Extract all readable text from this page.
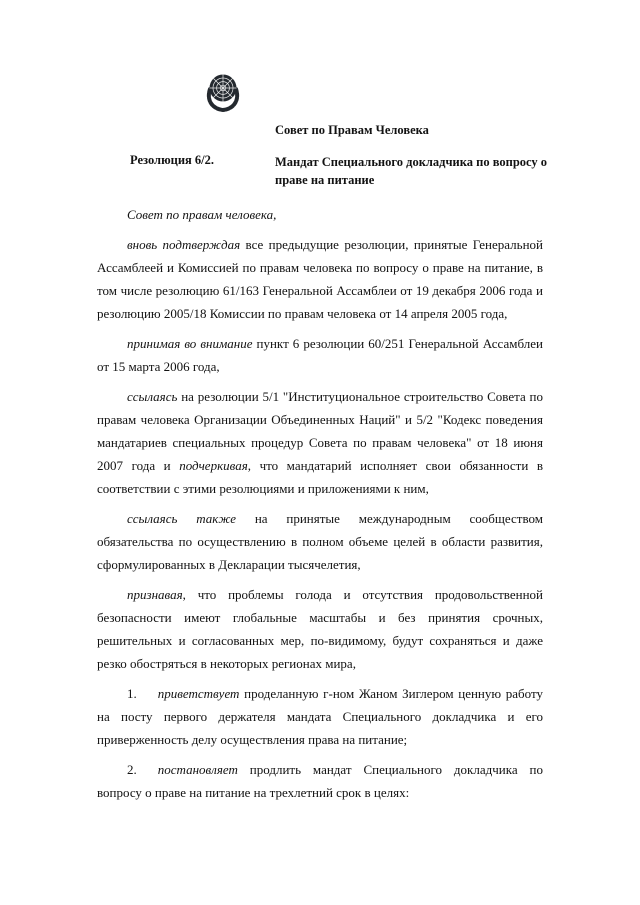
Совет по Правам Человека
Резолюция 6/2.	Мандат Специального докладчика по вопросу о праве на питание

Совет по правам человека,

вновь подтверждая все предыдущие резолюции, принятые Генеральной Ассамблеей и Комиссией по правам человека по вопросу о праве на питание, в том числе резолюцию 61/163 Генеральной Ассамблеи от 19 декабря 2006 года и резолюцию 2005/18 Комиссии по правам человека от 14 апреля 2005 года,

принимая во внимание пункт 6 резолюции 60/251 Генеральной Ассамблеи от 15 марта 2006 года,

ссылаясь на резолюции 5/1 "Институциональное строительство Совета по правам человека Организации Объединенных Наций" и 5/2 "Кодекс поведения мандатариев специальных процедур Совета по правам человека" от 18 июня 2007 года и подчеркивая, что мандатарий исполняет свои обязанности в соответствии с этими резолюциями и приложениями к ним,

ссылаясь также на принятые международным сообществом обязательства по осуществлению в полном объеме целей в области развития, сформулированных в Декларации тысячелетия,

признавая, что проблемы голода и отсутствия продовольственной безопасности имеют глобальные масштабы и без принятия срочных, решительных и согласованных мер, по-видимому, будут сохраняться и даже резко обостряться в некоторых регионах мира,

1. приветствует проделанную г-ном Жаном Зиглером ценную работу на посту первого держателя мандата Специального докладчика и его приверженность делу осуществления права на питание;

2. постановляет продлить мандат Специального докладчика по вопросу о праве на питание на трехлетний срок в целях:
